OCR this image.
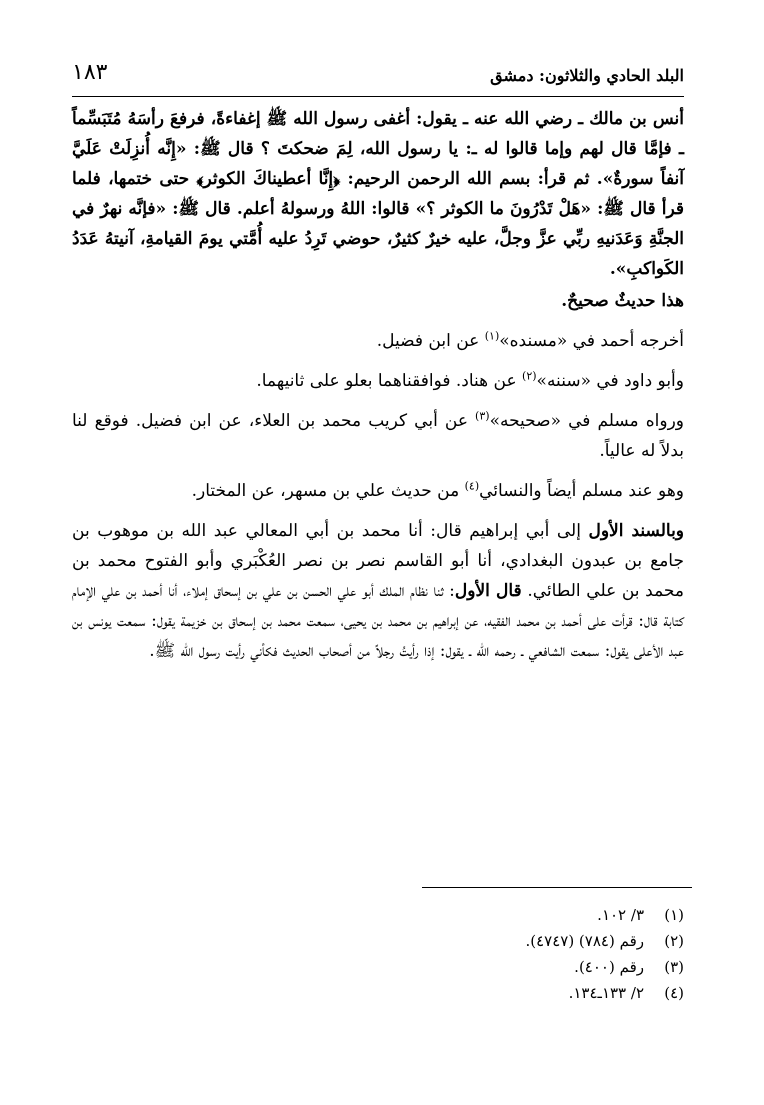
البلد الحادي والثلاثون: دمشق
١٨٣

أنس بن مالك ـ رضي الله عنه ـ يقول: أغفى رسول الله ﷺ إغفاءةً، فرفعَ رأسَهُ مُتَبَسِّماً ـ فإمَّا قال لهم وإما قالوا له ـ: يا رسول الله، لِمَ ضحكتَ ؟ قال ﷺ: «إِنَّه أُنزِلَتْ عَلَيَّ آنفاً سورةٌ». ثم قرأ: بسم الله الرحمن الرحيم: ﴿إِنَّا أعطيناكَ الكوثر﴾ حتى ختمها، فلما قرأ قال ﷺ: «هَلْ تَدْرُونَ ما الكوثر ؟» قالوا: اللهُ ورسولهُ أعلم. قال ﷺ: «فإنَّه نهرٌ في الجنَّةِ وَعَدَنيهِ ربِّي عزَّ وجلَّ، عليه خيرٌ كثيرٌ، حوضي تَرِدُ عليه أُمَّتي يومَ القيامةِ، آنيتهُ عَدَدُ الكَواكبِ».

هذا حديثٌ صحيحٌ.

أخرجه أحمد في «مسنده»$^{(١)}$ عن ابن فضيل.

وأبو داود في «سننه»$^{(٢)}$ عن هناد. فوافقناهما بعلو على ثانيهما.

ورواه مسلم في «صحيحه»$^{(٣)}$ عن أبي كريب محمد بن العلاء، عن ابن فضيل. فوقع لنا بدلاً له عالياً.

وهو عند مسلم أيضاً والنسائي$^{(٤)}$ من حديث علي بن مسهر، عن المختار.

وبالسند الأول إلى أبي إبراهيم قال: أنا محمد بن أبي المعالي عبد الله بن موهوب بن جامع بن عبدون البغدادي، أنا أبو القاسم نصر بن نصر العُكْبَري وأبو الفتوح محمد بن محمد بن علي الطائي. قال الأول: ثنا نظام الملك أبو علي الحسن بن علي بن إسحاق إملاء، أنا أحمد بن علي الإمام كتابة قال: قرأت على أحمد بن محمد الفقيه، عن إبراهيم بن محمد بن يحيى، سمعت محمد بن إسحاق بن خزيمة يقول: سمعت يونس بن عبد الأعلى يقول: سمعت الشافعي ـ رحمه الله ـ يقول: إذا رأيتُ رجلاً من أصحاب الحديث فكأني رأيت رسول الله ﷺ.

(١)
٣/ ١٠٢.
(٢)
رقم (٧٨٤) (٤٧٤٧).
(٣)
رقم (٤٠٠).
(٤)
٢/ ١٣٣ـ١٣٤.
